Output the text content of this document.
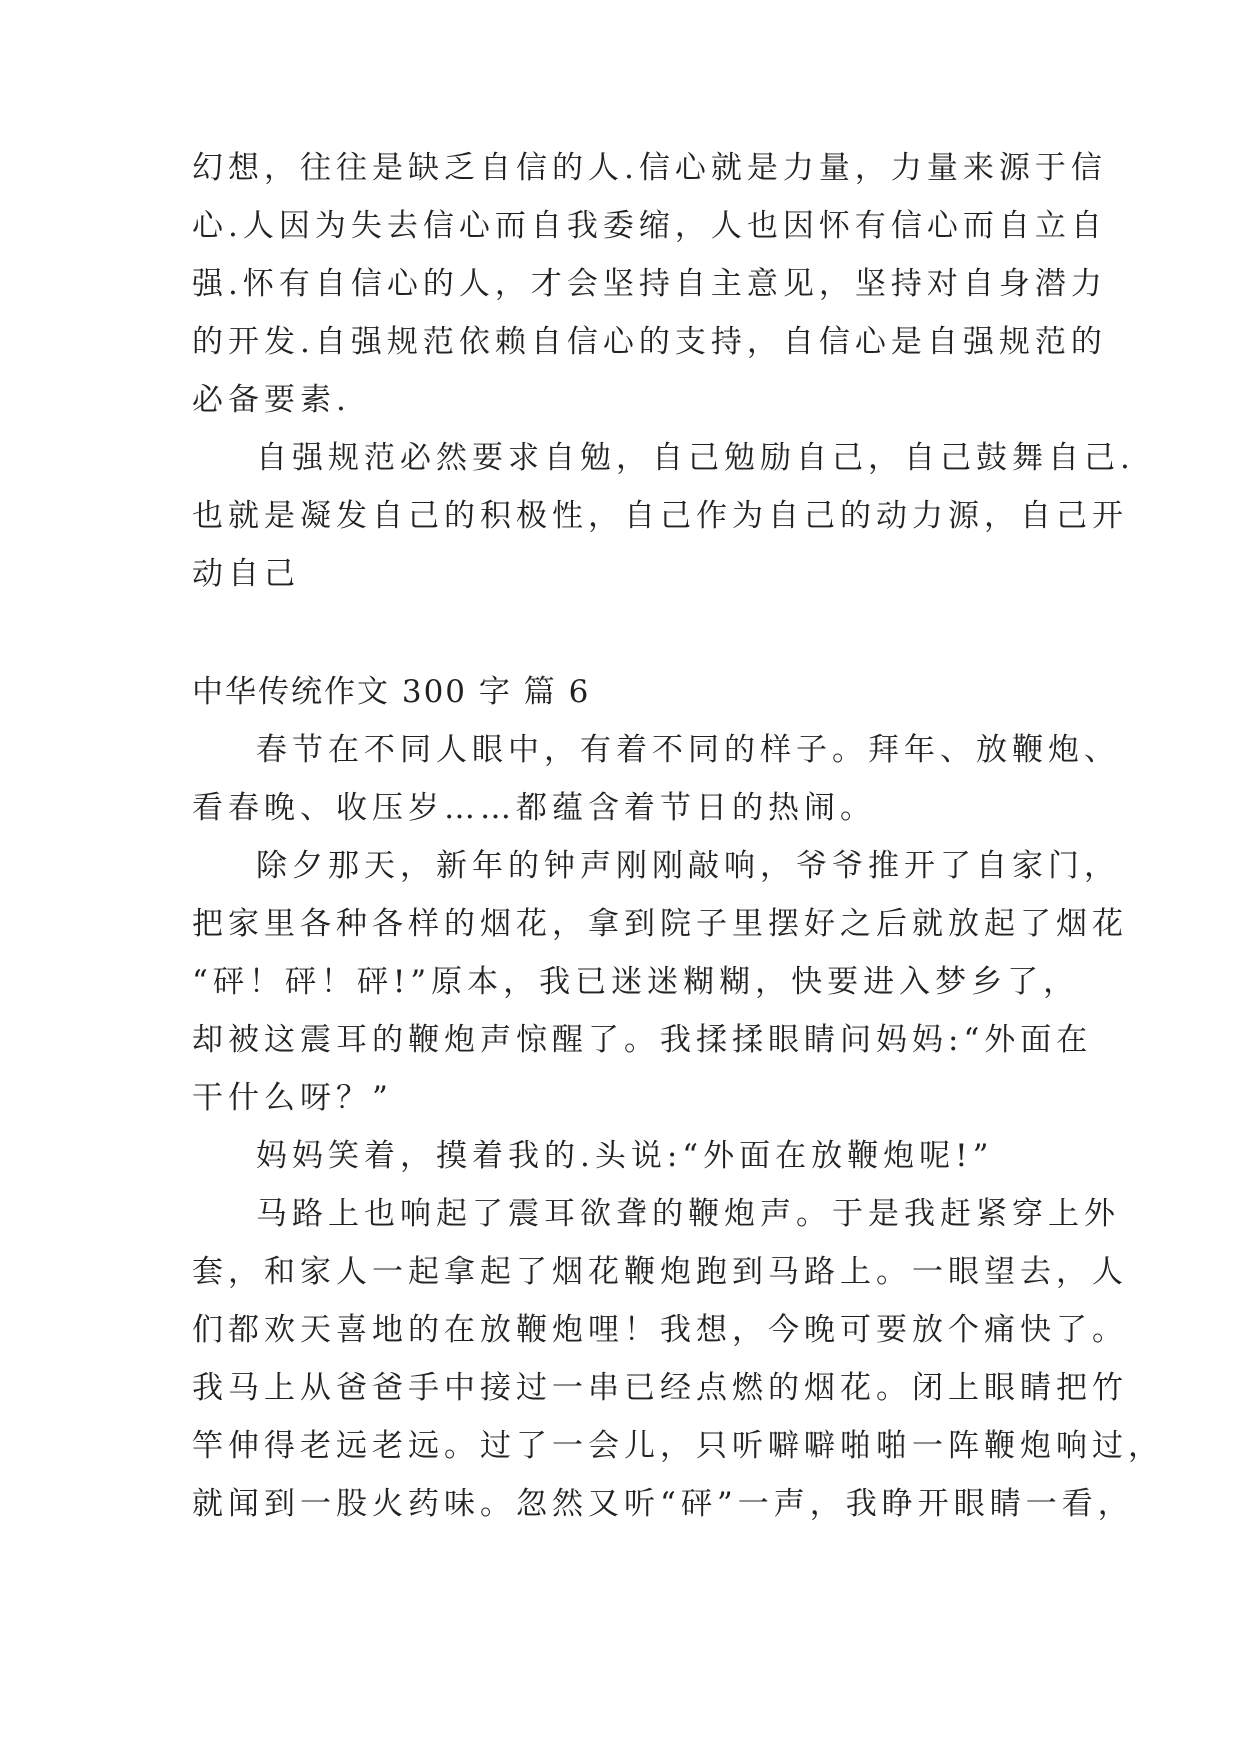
幻想，往往是缺乏自信的人.信心就是力量，力量来源于信
心.人因为失去信心而自我委缩，人也因怀有信心而自立自
强.怀有自信心的人，才会坚持自主意见，坚持对自身潜力
的开发.自强规范依赖自信心的支持，自信心是自强规范的
必备要素.
自强规范必然要求自勉，自己勉励自己，自己鼓舞自己.
也就是凝发自己的积极性，自己作为自己的动力源，自己开
动自己
中华传统作文 300 字 篇 6
春节在不同人眼中，有着不同的样子。拜年、放鞭炮、
看春晚、收压岁……都蕴含着节日的热闹。
除夕那天，新年的钟声刚刚敲响，爷爷推开了自家门，
把家里各种各样的烟花，拿到院子里摆好之后就放起了烟花
“砰！砰！砰!”原本，我已迷迷糊糊，快要进入梦乡了，
却被这震耳的鞭炮声惊醒了。我揉揉眼睛问妈妈:“外面在
干什么呀？”
妈妈笑着，摸着我的.头说:“外面在放鞭炮呢!”
马路上也响起了震耳欲聋的鞭炮声。于是我赶紧穿上外
套，和家人一起拿起了烟花鞭炮跑到马路上。一眼望去，人
们都欢天喜地的在放鞭炮哩！我想，今晚可要放个痛快了。
我马上从爸爸手中接过一串已经点燃的烟花。闭上眼睛把竹
竿伸得老远老远。过了一会儿，只听噼噼啪啪一阵鞭炮响过，
就闻到一股火药味。忽然又听“砰”一声，我睁开眼睛一看，
